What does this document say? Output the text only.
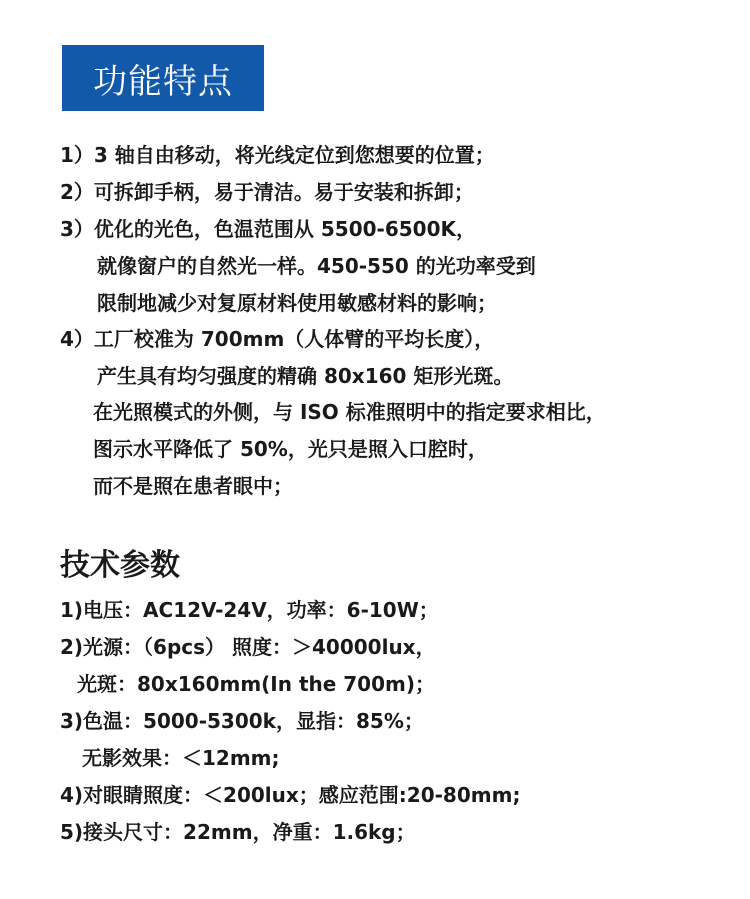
功能特点
1）3 轴自由移动，将光线定位到您想要的位置；
2）可拆卸手柄，易于清洁。易于安装和拆卸；
3）优化的光色，色温范围从 5500-6500K，
就像窗户的自然光一样。450-550 的光功率受到
限制地减少对复原材料使用敏感材料的影响；
4）工厂校准为 700mm（人体臂的平均长度），
产生具有均匀强度的精确 80x160 矩形光斑。
在光照模式的外侧，与 ISO 标准照明中的指定要求相比，
图示水平降低了 50%，光只是照入口腔时，
而不是照在患者眼中；
技术参数
1)电压：AC12V-24V，功率：6-10W；
2)光源：（6pcs） 照度：＞40000lux，
光斑：80x160mm(In the 700m)；
3)色温：5000-5300k，显指：85%；
无影效果：＜12mm;
4)对眼睛照度：＜200lux；感应范围:20-80mm;
5)接头尺寸：22mm，净重：1.6kg；
